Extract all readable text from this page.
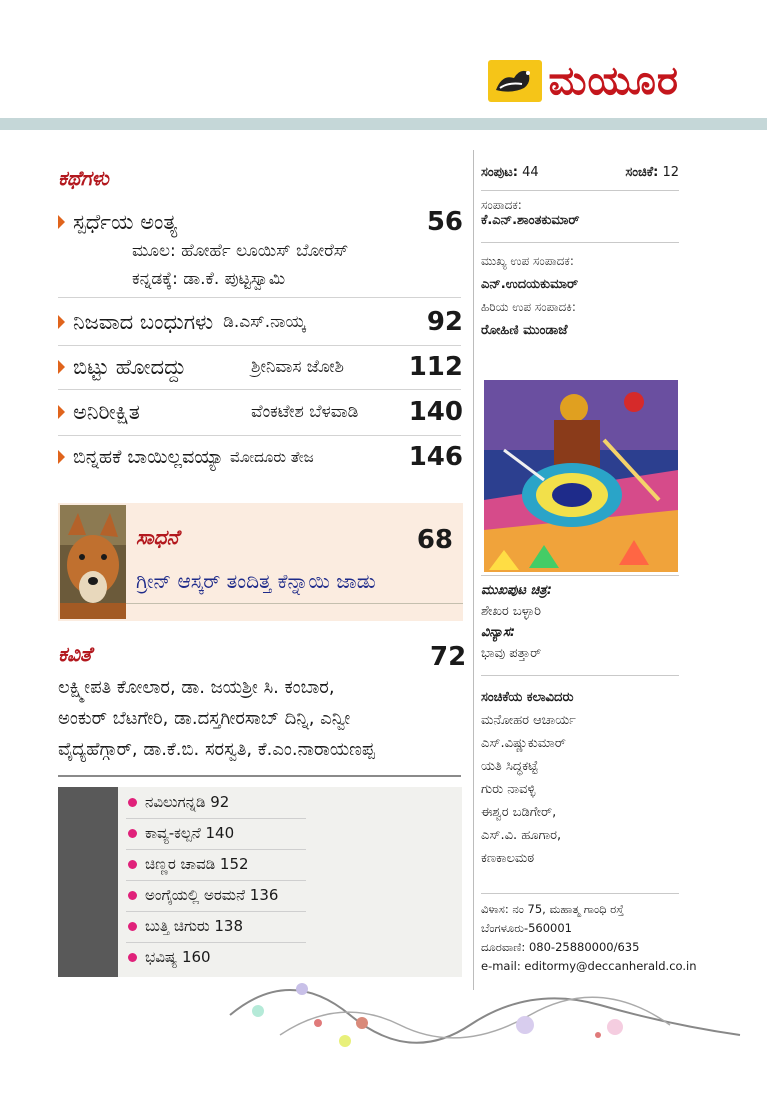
ಮಯೂರ
ಕಥೆಗಳು
ಸ್ಪರ್ಧೆಯ ಅಂತ್ಯ	56
ಮೂಲ: ಹೋರ್ಹೆ ಲೂಯಿಸ್ ಬೋರೆಸ್
ಕನ್ನಡಕ್ಕೆ: ಡಾ.ಕೆ. ಪುಟ್ಟಸ್ವಾಮಿ
ನಿಜವಾದ ಬಂಧುಗಳು ಡಿ.ಎಸ್.ನಾಯ್ಕ	92
ಬಿಟ್ಟು ಹೋದದ್ದು	ಶ್ರೀನಿವಾಸ ಜೋಶಿ 112
ಅನಿರೀಕ್ಷಿತ	ವೆಂಕಟೇಶ ಬೆಳವಾಡಿ 140
ಬಿನ್ನಹಕೆ ಬಾಯಿಲ್ಲವಯ್ಯಾ ಮೋದೂರು ತೇಜ	146
ಸಾಧನೆ	68
ಗ್ರೀನ್ ಆಸ್ಕರ್ ತಂದಿತ್ತ ಕೆನ್ನಾಯಿ ಜಾಡು
ಕವಿತೆ	72
ಲಕ್ಷ್ಮೀಪತಿ ಕೋಲಾರ, ಡಾ. ಜಯಶ್ರೀ ಸಿ. ಕಂಬಾರ,
ಅಂಕುರ್ ಬೆಟಗೇರಿ, ಡಾ.ದಸ್ತಗೀರಸಾಬ್ ದಿನ್ನಿ, ಎನ್ವೀ
ವೈದ್ಯಹೆಗ್ಗಾರ್, ಡಾ.ಕೆ.ಬಿ. ಸರಸ್ವತಿ, ಕೆ.ಎಂ.ನಾರಾಯಣಪ್ಪ
ನವಿಲುಗನ್ನಡಿ 92
ಕಾವ್ಯ-ಕಲ್ಪನೆ 140
ಚಿಣ್ಣರ ಚಾವಡಿ 152
ಅಂಗೈಯಲ್ಲಿ ಅರಮನೆ 136
ಬುತ್ತಿ ಚಿಗುರು 138
ಭವಿಷ್ಯ 160
ಸಂಪುಟ: 44	ಸಂಚಿಕೆ: 12
ಸಂಪಾದಕ:
ಕೆ.ಎನ್.ಶಾಂತಕುಮಾರ್
ಮುಖ್ಯ ಉಪ ಸಂಪಾದಕ:
ಎನ್.ಉದಯಕುಮಾರ್
ಹಿರಿಯ ಉಪ ಸಂಪಾದಕಿ:
ರೋಹಿಣಿ ಮುಂಡಾಜೆ
ಮುಖಪುಟ ಚಿತ್ರ:
ಶೇಖರ ಬಳ್ಳಾರಿ
ವಿನ್ಯಾಸ:
ಭಾವು ಪತ್ತಾರ್
ಸಂಚಿಕೆಯ ಕಲಾವಿದರು
ಮನೋಹರ ಆಚಾರ್ಯ
ಎಸ್.ವಿಷ್ಣುಕುಮಾರ್
ಯತಿ ಸಿದ್ಧಕಟ್ಟೆ
ಗುರು ನಾವಳ್ಳಿ
ಈಶ್ವರ ಬಡಿಗೇರ್,
ಎಸ್.ವಿ. ಹೂಗಾರ,
ಕಣಕಾಲಮಠ
ವಿಳಾಸ: ನಂ 75, ಮಹಾತ್ಮ ಗಾಂಧಿ ರಸ್ತೆ
ಬೆಂಗಳೂರು-560001
ದೂರವಾಣಿ: 080-25880000/635
e-mail: editormy@deccanherald.co.in
